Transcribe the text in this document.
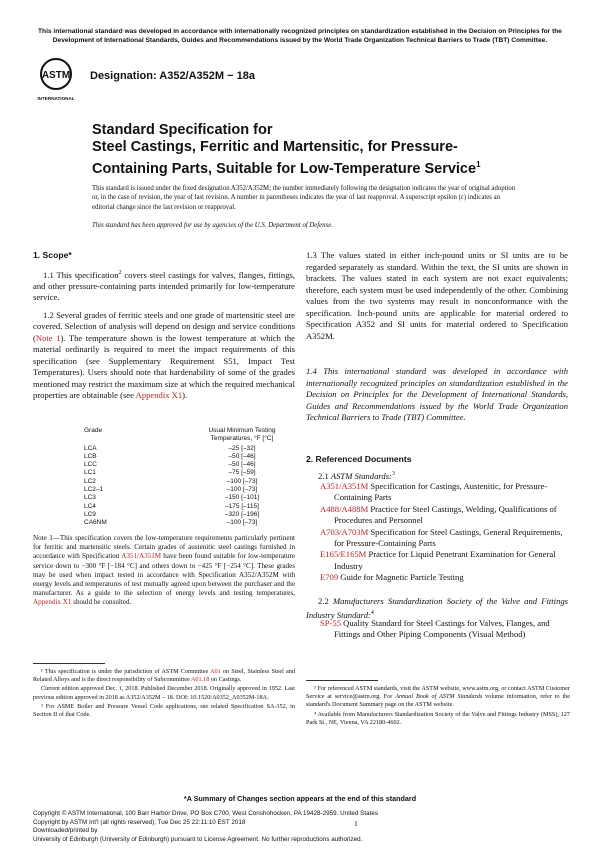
This international standard was developed in accordance with internationally recognized principles on standardization established in the Decision on Principles for the Development of International Standards, Guides and Recommendations issued by the World Trade Organization Technical Barriers to Trade (TBT) Committee.
ASTM
INTERNATIONAL
Designation: A352/A352M − 18a
Standard Specification for
Steel Castings, Ferritic and Martensitic, for Pressure-
Containing Parts, Suitable for Low-Temperature Service$^1$
This standard is issued under the fixed designation A352/A352M; the number immediately following the designation indicates the year of original adoption or, in the case of revision, the year of last revision. A number in parentheses indicates the year of last reapproval. A superscript epsilon (ε) indicates an editorial change since the last revision or reapproval.
This standard has been approved for use by agencies of the U.S. Department of Defense.
1. Scope*

1.1 This specification$^2$ covers steel castings for valves, flanges, fittings, and other pressure-containing parts intended primarily for low-temperature service.

1.2 Several grades of ferritic steels and one grade of martensitic steel are covered. Selection of analysis will depend on design and service conditions (Note 1). The temperature shown is the lowest temperature at which the material ordinarily is required to meet the impact requirements of this specification (see Supplementary Requirement S51, Impact Test Temperatures). Users should note that hardenability of some of the grades mentioned may restrict the maximum size at which the required mechanical properties are obtainable (see Appendix X1).

Grade	Usual Minimum Testing
Temperatures, °F [°C]
LCA	–25 [–32]
LCB	–50 [–46]
LCC	–50 [–46]
LC1	–75 [–59]
LC2	–100 [–73]
LC2–1	–100 [–73]
LC3	–150 [–101]
LC4	–175 [–115]
LC9	–320 [–196]
CA6NM	–100 [–73]
Note 1—This specification covers the low-temperature requirements particularly pertinent for ferritic and martensitic steels. Certain grades of austenitic steel castings furnished in accordance with Specification A351/A351M have been found suitable for low-temperature service down to −300 °F [−184 °C] and others down to −425 °F [−254 °C]. These grades may be used when impact tested in accordance with Specification A352/A352M with energy levels and temperatures of test mutually agreed upon between the purchaser and the manufacturer. As a guide to the selection of energy levels and testing temperatures, Appendix X1 should be consulted.
1.3 The values stated in either inch-pound units or SI units are to be regarded separately as standard. Within the text, the SI units are shown in brackets. The values stated in each system are not exact equivalents; therefore, each system must be used independently of the other. Combining values from the two systems may result in nonconformance with the specification. Inch-pound units are applicable for material ordered to Specification A352 and SI units for material ordered to Specification A352M.
1.4 This international standard was developed in accordance with internationally recognized principles on standardization established in the Decision on Principles for the Development of International Standards, Guides and Recommendations issued by the World Trade Organization Technical Barriers to Trade (TBT) Committee.
2. Referenced Documents
2.1 ASTM Standards:$^3$
A351/A351M Specification for Castings, Austenitic, for Pressure-Containing Parts
A488/A488M Practice for Steel Castings, Welding, Qualifications of Procedures and Personnel
A703/A703M Specification for Steel Castings, General Requirements, for Pressure-Containing Parts
E165/E165M Practice for Liquid Penetrant Examination for General Industry
E709 Guide for Magnetic Particle Testing
2.2 Manufacturers Standardization Society of the Valve and Fittings Industry Standard:$^4$
SP-55 Quality Standard for Steel Castings for Valves, Flanges, and Fittings and Other Piping Components (Visual Method)
¹ This specification is under the jurisdiction of ASTM Committee A01 on Steel, Stainless Steel and Related Alloys and is the direct responsibility of Subcommittee A01.18 on Castings.
Current edition approved Dec. 1, 2018. Published December 2018. Originally approved in 1952. Last previous edition approved in 2018 as A352/A352M – 18. DOI: 10.1520/A0352_A0352M-18A.
² For ASME Boiler and Pressure Vessel Code applications, see related Specification SA-352, in Section II of that Code.
³ For referenced ASTM standards, visit the ASTM website, www.astm.org, or contact ASTM Customer Service at service@astm.org. For Annual Book of ASTM Standards volume information, refer to the standard's Document Summary page on the ASTM website.
⁴ Available from Manufacturers Standardization Society of the Valve and Fittings Industry (MSS), 127 Park St., NE, Vienna, VA 22180-4602.
*A Summary of Changes section appears at the end of this standard
Copyright © ASTM International, 100 Barr Harbor Drive, PO Box C700, West Conshohocken, PA 19428-2959. United States
Copyright by ASTM Int'l (all rights reserved); Tue Dec 25 22:11:10 EST 2018
Downloaded/printed by
University of Edinburgh (University of Edinburgh) pursuant to License Agreement. No further reproductions authorized.
1
